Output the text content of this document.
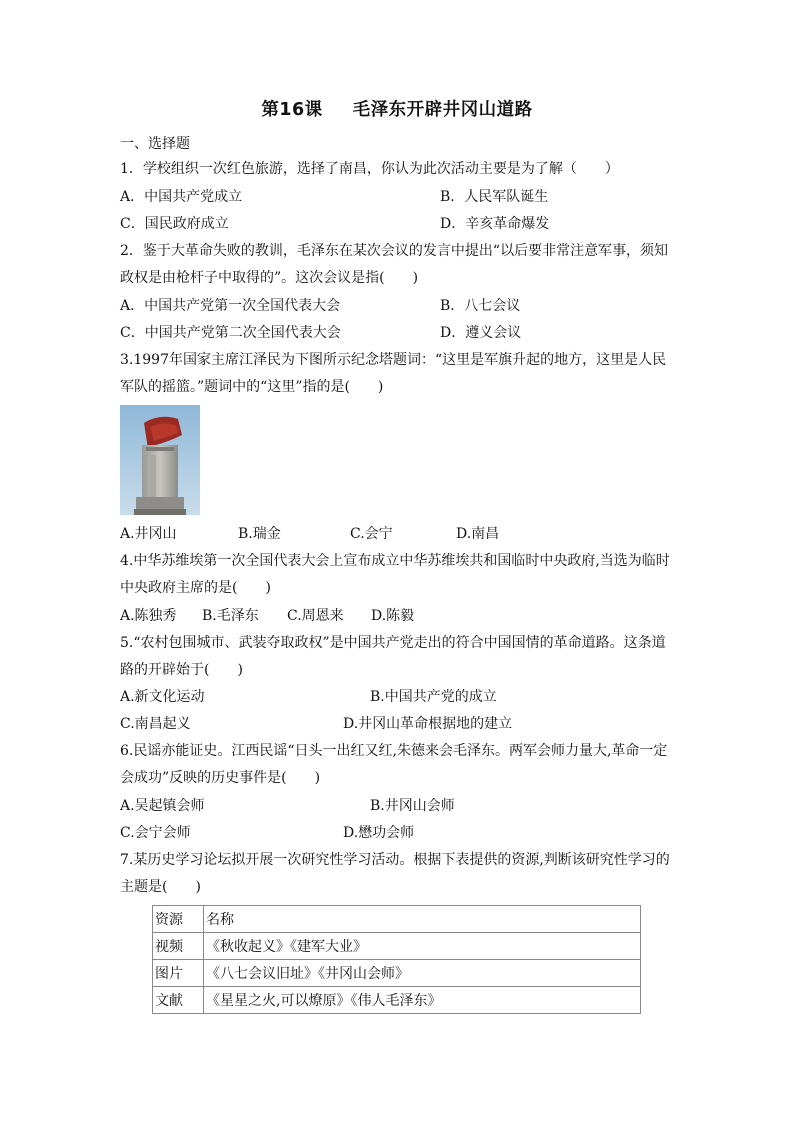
第16课 毛泽东开辟井冈山道路
一、选择题
1．学校组织一次红色旅游，选择了南昌，你认为此次活动主要是为了解（　　）
A．中国共产党成立	B．人民军队诞生
C．国民政府成立	D．辛亥革命爆发
2．鉴于大革命失败的教训，毛泽东在某次会议的发言中提出“以后要非常注意军事，须知
政权是由枪杆子中取得的”。这次会议是指(　　)
A．中国共产党第一次全国代表大会	B．八七会议
C．中国共产党第二次全国代表大会	D．遵义会议
3.1997年国家主席江泽民为下图所示纪念塔题词：“这里是军旗升起的地方，这里是人民
军队的摇篮。”题词中的“这里”指的是(　　)
A.井冈山	B.瑞金	C.会宁	D.南昌
4.中华苏维埃第一次全国代表大会上宣布成立中华苏维埃共和国临时中央政府,当选为临时
中央政府主席的是(　　)
A.陈独秀 B.毛泽东 C.周恩来 D.陈毅
5.“农村包围城市、武装夺取政权”是中国共产党走出的符合中国国情的革命道路。这条道
路的开辟始于(　　)
A.新文化运动	B.中国共产党的成立
C.南昌起义	D.井冈山革命根据地的建立
6.民谣亦能证史。江西民谣“日头一出红又红,朱德来会毛泽东。两军会师力量大,革命一定
会成功”反映的历史事件是(　　)
A.吴起镇会师	B.井冈山会师
C.会宁会师	D.懋功会师
7.某历史学习论坛拟开展一次研究性学习活动。根据下表提供的资源,判断该研究性学习的
主题是(　　)
资源	名称
视频	《秋收起义》《建军大业》
图片	《八七会议旧址》《井冈山会师》
文献	《星星之火,可以燎原》《伟人毛泽东》
